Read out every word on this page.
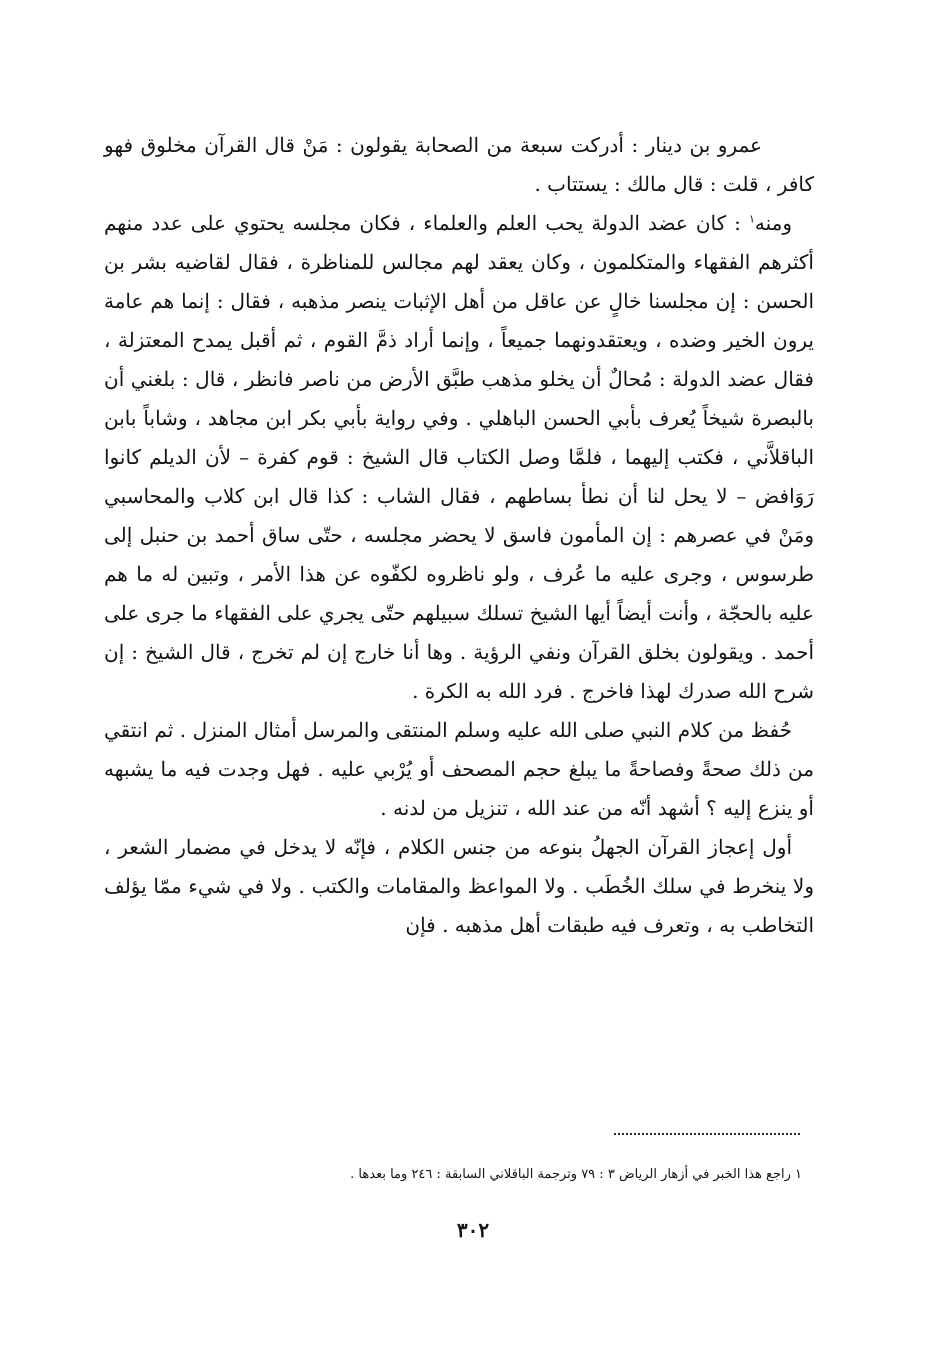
عمرو بن دينار : أدركت سبعة من الصحابة يقولون : مَنْ قال القرآن مخلوق فهو كافر ، قلت : قال مالك : يستتاب .

ومنه$^١$ : كان عضد الدولة يحب العلم والعلماء ، فكان مجلسه يحتوي على عدد منهم أكثرهم الفقهاء والمتكلمون ، وكان يعقد لهم مجالس للمناظرة ، فقال لقاضيه بشر بن الحسن : إن مجلسنا خالٍ عن عاقل من أهل الإثبات ينصر مذهبه ، فقال : إنما هم عامة يرون الخير وضده ، ويعتقدونهما جميعاً ، وإنما أراد ذمَّ القوم ، ثم أقبل يمدح المعتزلة ، فقال عضد الدولة : مُحالٌ أن يخلو مذهب طبَّق الأرض من ناصر فانظر ، قال : بلغني أن بالبصرة شيخاً يُعرف بأبي الحسن الباهلي . وفي رواية بأبي بكر ابن مجاهد ، وشاباً بابن الباقلاَّني ، فكتب إليهما ، فلمَّا وصل الكتاب قال الشيخ : قوم كفرة – لأن الديلم كانوا رَوَافض – لا يحل لنا أن نطأ بساطهم ، فقال الشاب : كذا قال ابن كلاب والمحاسبي ومَنْ في عصرهم : إن المأمون فاسق لا يحضر مجلسه ، حتّى ساق أحمد بن حنبل إلى طرسوس ، وجرى عليه ما عُرف ، ولو ناظروه لكفّوه عن هذا الأمر ، وتبين له ما هم عليه بالحجّة ، وأنت أيضاً أيها الشيخ تسلك سبيلهم حتّى يجري على الفقهاء ما جرى على أحمد . ويقولون بخلق القرآن ونفي الرؤية . وها أنا خارج إن لم تخرج ، قال الشيخ : إن شرح الله صدرك لهذا فاخرج . فرد الله به الكرة .

حُفظ من كلام النبي صلى الله عليه وسلم المنتقى والمرسل أمثال المنزل . ثم انتقي من ذلك صحةً وفصاحةً ما يبلغ حجم المصحف أو يُرْبي عليه . فهل وجدت فيه ما يشبهه أو ينزع إليه ؟ أشهد أنّه من عند الله ، تنزيل من لدنه .

أول إعجاز القرآن الجهلُ بنوعه من جنس الكلام ، فإنّه لا يدخل في مضمار الشعر ، ولا ينخرط في سلك الخُطَب . ولا المواعظ والمقامات والكتب . ولا في شيء ممّا يؤلف التخاطب به ، وتعرف فيه طبقات أهل مذهبه . فإن

١ راجع هذا الخبر في أزهار الرياض ٣ : ٧٩ وترجمة الباقلاني السابقة : ٢٤٦ وما بعدها .
٣٠٢
